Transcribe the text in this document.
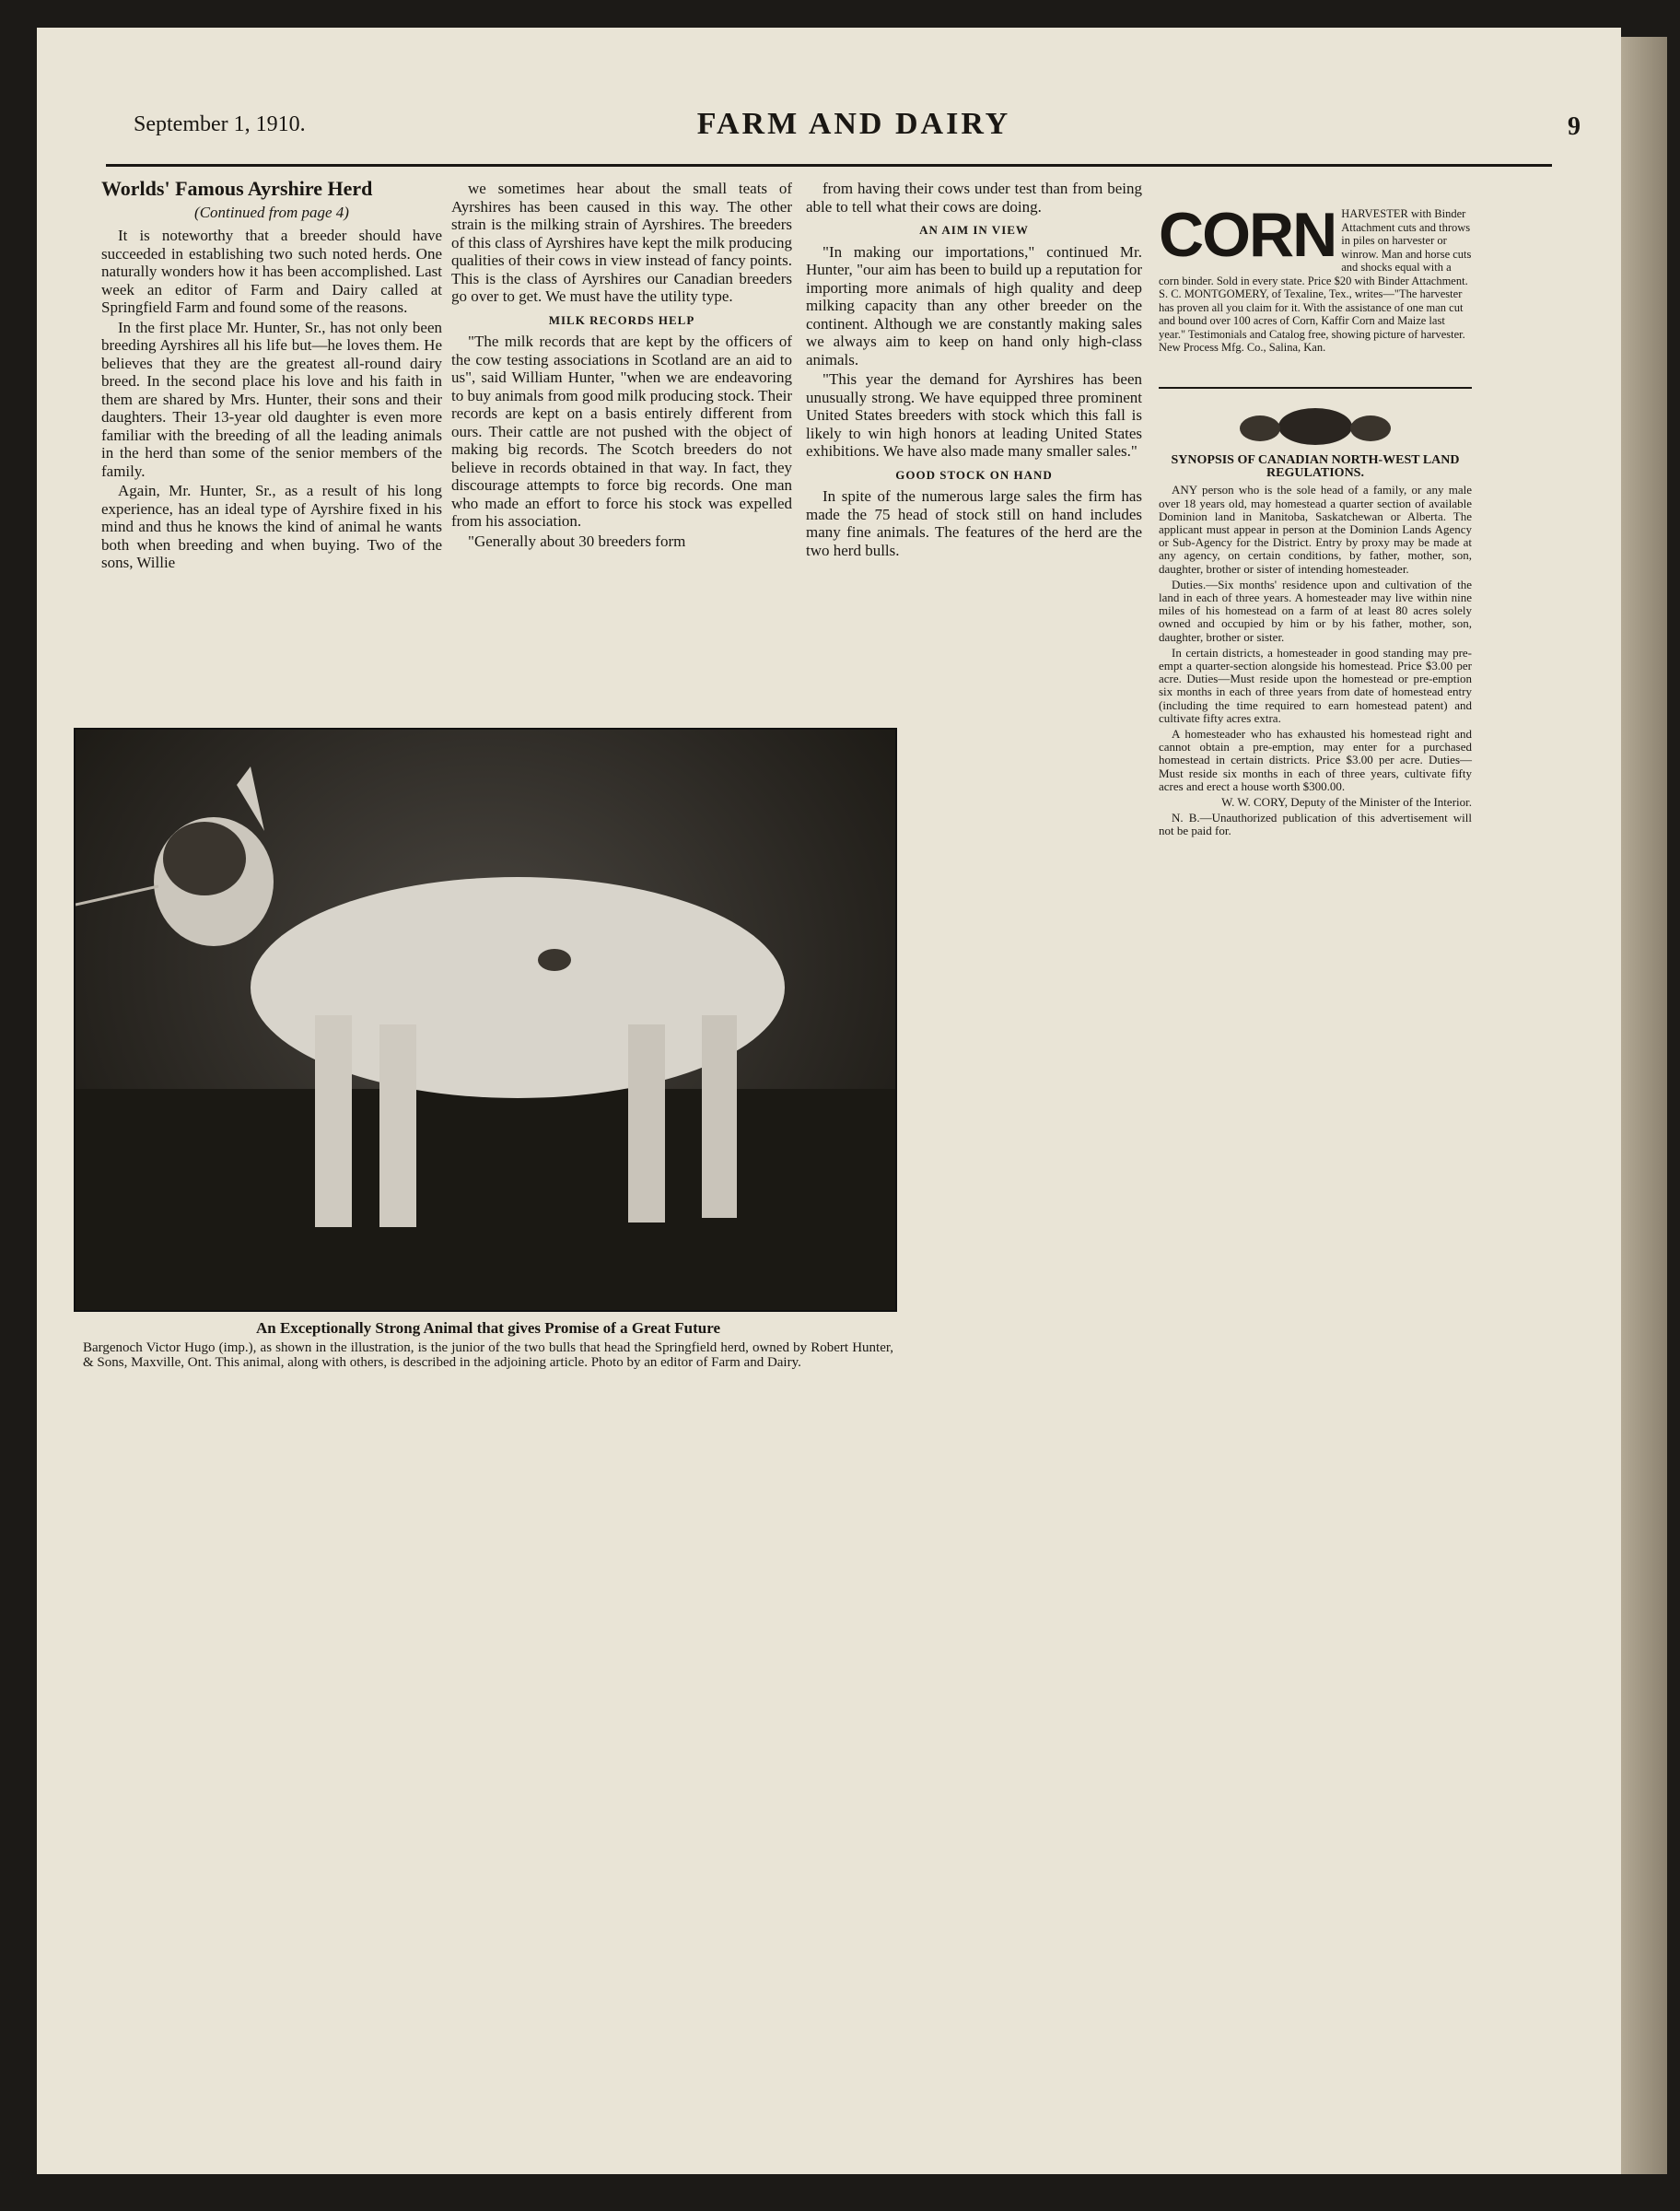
September 1, 1910.	FARM AND DAIRY	9
Worlds' Famous Ayrshire Herd
(Continued from page 4)

It is noteworthy that a breeder should have succeeded in establishing two such noted herds. One naturally wonders how it has been accomplished. Last week an editor of Farm and Dairy called at Springfield Farm and found some of the reasons.

In the first place Mr. Hunter, Sr., has not only been breeding Ayrshires all his life but—he loves them. He believes that they are the greatest all-round dairy breed. In the second place his love and his faith in them are shared by Mrs. Hunter, their sons and their daughters. Their 13-year old daughter is even more familiar with the breeding of all the leading animals in the herd than some of the senior members of the family.

Again, Mr. Hunter, Sr., as a result of his long experience, has an ideal type of Ayrshire fixed in his mind and thus he knows the kind of animal he wants both when breeding and when buying. Two of the sons, Willie

we sometimes hear about the small teats of Ayrshires has been caused in this way. The other strain is the milking strain of Ayrshires. The breeders of this class of Ayrshires have kept the milk producing qualities of their cows in view instead of fancy points. This is the class of Ayrshires our Canadian breeders go over to get. We must have the utility type.

MILK RECORDS HELP

"The milk records that are kept by the officers of the cow testing associations in Scotland are an aid to us", said William Hunter, "when we are endeavoring to buy animals from good milk producing stock. Their records are kept on a basis entirely different from ours. Their cattle are not pushed with the object of making big records. The Scotch breeders do not believe in records obtained in that way. In fact, they discourage attempts to force big records. One man who made an effort to force his stock was expelled from his association.

"Generally about 30 breeders form

from having their cows under test than from being able to tell what their cows are doing.

AN AIM IN VIEW

"In making our importations," continued Mr. Hunter, "our aim has been to build up a reputation for importing more animals of high quality and deep milking capacity than any other breeder on the continent. Although we are constantly making sales we always aim to keep on hand only high-class animals.

"This year the demand for Ayrshires has been unusually strong. We have equipped three prominent United States breeders with stock which this fall is likely to win high honors at leading United States exhibitions. We have also made many smaller sales."

GOOD STOCK ON HAND

In spite of the numerous large sales the firm has made the 75 head of stock still on hand includes many fine animals. The features of the herd are the two herd bulls.

An Exceptionally Strong Animal that gives Promise of a Great Future
Bargenoch Victor Hugo (imp.), as shown in the illustration, is the junior of the two bulls that head the Springfield herd, owned by Robert Hunter, & Sons, Maxville, Ont. This animal, along with others, is described in the adjoining article. Photo by an editor of Farm and Dairy.
CORN HARVESTER with Binder Attachment cuts and throws in piles on harvester or winrow. Man and horse cuts and shocks equal with a corn binder. Sold in every state. Price $20 with Binder Attachment. S. C. MONTGOMERY, of Texaline, Tex., writes—"The harvester has proven all you claim for it. With the assistance of one man cut and bound over 100 acres of Corn, Kaffir Corn and Maize last year." Testimonials and Catalog free, showing picture of harvester. New Process Mfg. Co., Salina, Kan.
SYNOPSIS OF CANADIAN NORTH-WEST LAND REGULATIONS.

ANY person who is the sole head of a family, or any male over 18 years old, may homestead a quarter section of available Dominion land in Manitoba, Saskatchewan or Alberta. The applicant must appear in person at the Dominion Lands Agency or Sub-Agency for the District. Entry by proxy may be made at any agency, on certain conditions, by father, mother, son, daughter, brother or sister of intending homesteader.

Duties.—Six months' residence upon and cultivation of the land in each of three years. A homesteader may live within nine miles of his homestead on a farm of at least 80 acres solely owned and occupied by him or by his father, mother, son, daughter, brother or sister.

In certain districts, a homesteader in good standing may pre-empt a quarter-section alongside his homestead. Price $3.00 per acre. Duties—Must reside upon the homestead or pre-emption six months in each of three years from date of homestead entry (including the time required to earn homestead patent) and cultivate fifty acres extra.

A homesteader who has exhausted his homestead right and cannot obtain a pre-emption, may enter for a purchased homestead in certain districts. Price $3.00 per acre. Duties—Must reside six months in each of three years, cultivate fifty acres and erect a house worth $300.00.

W. W. CORY, Deputy of the Minister of the Interior.

N. B.—Unauthorized publication of this advertisement will not be paid for.
